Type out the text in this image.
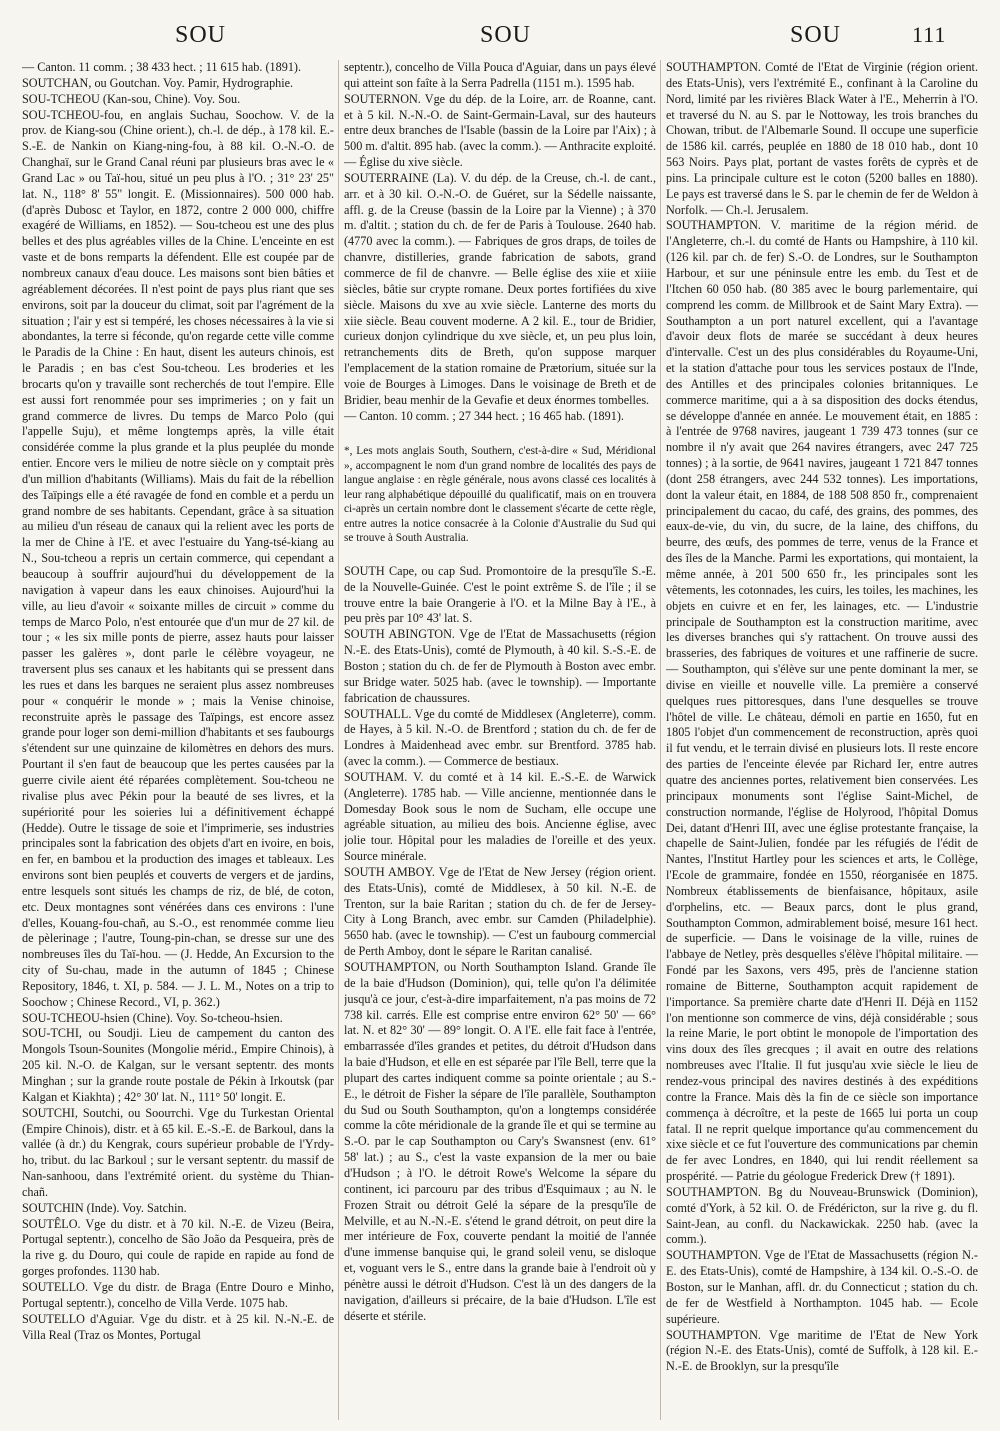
SOU	SOU	SOU	111

— Canton. 11 comm. ; 38 433 hect. ; 11 615 hab. (1891).

SOUTCHAN, ou Goutchan. Voy. Pamir, Hydrographie.

SOU-TCHEOU (Kan-sou, Chine). Voy. Sou.

SOU-TCHEOU-fou, en anglais Suchau, Soochow. V. de la prov. de Kiang-sou (Chine orient.), ch.-l. de dép., à 178 kil. E.-S.-E. de Nankin on Kiang-ning-fou, à 88 kil. O.-N.-O. de Changhaï, sur le Grand Canal réuni par plusieurs bras avec le « Grand Lac » ou Taï-hou, situé un peu plus à l'O. ; 31° 23' 25" lat. N., 118° 8' 55" longit. E. (Missionnaires). 500 000 hab. (d'après Dubosc et Taylor, en 1872, contre 2 000 000, chiffre exagéré de Williams, en 1852). — Sou-tcheou est une des plus belles et des plus agréables villes de la Chine. L'enceinte en est vaste et de bons remparts la défendent. Elle est coupée par de nombreux canaux d'eau douce. Les maisons sont bien bâties et agréablement décorées. Il n'est point de pays plus riant que ses environs, soit par la douceur du climat, soit par l'agrément de la situation ; l'air y est si tempéré, les choses nécessaires à la vie si abondantes, la terre si féconde, qu'on regarde cette ville comme le Paradis de la Chine : En haut, disent les auteurs chinois, est le Paradis ; en bas c'est Sou-tcheou. Les broderies et les brocarts qu'on y travaille sont recherchés de tout l'empire. Elle est aussi fort renommée pour ses imprimeries ; on y fait un grand commerce de livres. Du temps de Marco Polo (qui l'appelle Suju), et même longtemps après, la ville était considérée comme la plus grande et la plus peuplée du monde entier. Encore vers le milieu de notre siècle on y comptait près d'un million d'habitants (Williams). Mais du fait de la rébellion des Taïpings elle a été ravagée de fond en comble et a perdu un grand nombre de ses habitants. Cependant, grâce à sa situation au milieu d'un réseau de canaux qui la relient avec les ports de la mer de Chine à l'E. et avec l'estuaire du Yang-tsé-kiang au N., Sou-tcheou a repris un certain commerce, qui cependant a beaucoup à souffrir aujourd'hui du développement de la navigation à vapeur dans les eaux chinoises. Aujourd'hui la ville, au lieu d'avoir « soixante milles de circuit » comme du temps de Marco Polo, n'est entourée que d'un mur de 27 kil. de tour ; « les six mille ponts de pierre, assez hauts pour laisser passer les galères », dont parle le célèbre voyageur, ne traversent plus ses canaux et les habitants qui se pressent dans les rues et dans les barques ne seraient plus assez nombreuses pour « conquérir le monde » ; mais la Venise chinoise, reconstruite après le passage des Taïpings, est encore assez grande pour loger son demi-million d'habitants et ses faubourgs s'étendent sur une quinzaine de kilomètres en dehors des murs. Pourtant il s'en faut de beaucoup que les pertes causées par la guerre civile aient été réparées complètement. Sou-tcheou ne rivalise plus avec Pékin pour la beauté de ses livres, et la supériorité pour les soieries lui a définitivement échappé (Hedde). Outre le tissage de soie et l'imprimerie, ses industries principales sont la fabrication des objets d'art en ivoire, en bois, en fer, en bambou et la production des images et tableaux. Les environs sont bien peuplés et couverts de vergers et de jardins, entre lesquels sont situés les champs de riz, de blé, de coton, etc. Deux montagnes sont vénérées dans ces environs : l'une d'elles, Kouang-fou-chañ, au S.-O., est renommée comme lieu de pèlerinage ; l'autre, Toung-pin-chan, se dresse sur une des nombreuses îles du Taï-hou. — (J. Hedde, An Excursion to the city of Su-chau, made in the autumn of 1845 ; Chinese Repository, 1846, t. XI, p. 584. — J. L. M., Notes on a trip to Soochow ; Chinese Record., VI, p. 362.)

SOU-TCHEOU-hsien (Chine). Voy. So-tcheou-hsien.

SOU-TCHI, ou Soudji. Lieu de campement du canton des Mongols Tsoun-Sounites (Mongolie mérid., Empire Chinois), à 205 kil. N.-O. de Kalgan, sur le versant septentr. des monts Minghan ; sur la grande route postale de Pékin à Irkoutsk (par Kalgan et Kiakhta) ; 42° 30' lat. N., 111° 50' longit. E.

SOUTCHI, Soutchi, ou Soouтchi. Vge du Turkestan Oriental (Empire Chinois), distr. et à 65 kil. E.-S.-E. de Barkoul, dans la vallée (à dr.) du Kengrak, cours supérieur probable de l'Yrdy-ho, tribut. du lac Barkoul ; sur le versant septentr. du massif de Nan-sanhoou, dans l'extrémité orient. du système du Thian-chañ.

SOUTCHIN (Inde). Voy. Satchin.

SOUTÊLO. Vge du distr. et à 70 kil. N.-E. de Vizeu (Beira, Portugal septentr.), concelho de São João da Pesqueira, près de la rive g. du Douro, qui coule de rapide en rapide au fond de gorges profondes. 1130 hab.

SOUTELLO. Vge du distr. de Braga (Entre Douro e Minho, Portugal septentr.), concelho de Villa Verde. 1075 hab.

SOUTELLO d'Aguiar. Vge du distr. et à 25 kil. N.-N.-E. de Villa Real (Traz os Montes, Portugal

septentr.), concelho de Villa Pouca d'Aguiar, dans un pays élevé qui atteint son faîte à la Serra Padrella (1151 m.). 1595 hab.

SOUTERNON. Vge du dép. de la Loire, arr. de Roanne, cant. et à 5 kil. N.-N.-O. de Saint-Germain-Laval, sur des hauteurs entre deux branches de l'Isable (bassin de la Loire par l'Aix) ; à 500 m. d'altit. 895 hab. (avec la comm.). — Anthracite exploité. — Église du xive siècle.

SOUTERRAINE (La). V. du dép. de la Creuse, ch.-l. de cant., arr. et à 30 kil. O.-N.-O. de Guéret, sur la Sédelle naissante, affl. g. de la Creuse (bassin de la Loire par la Vienne) ; à 370 m. d'altit. ; station du ch. de fer de Paris à Toulouse. 2640 hab. (4770 avec la comm.). — Fabriques de gros draps, de toiles de chanvre, distilleries, grande fabrication de sabots, grand commerce de fil de chanvre. — Belle église des xiie et xiiie siècles, bâtie sur crypte romane. Deux portes fortifiées du xive siècle. Maisons du xve au xvie siècle. Lanterne des morts du xiie siècle. Beau couvent moderne. A 2 kil. E., tour de Bridier, curieux donjon cylindrique du xve siècle, et, un peu plus loin, retranchements dits de Breth, qu'on suppose marquer l'emplacement de la station romaine de Prætorium, située sur la voie de Bourges à Limoges. Dans le voisinage de Breth et de Bridier, beau menhir de la Gevafie et deux énormes tombelles.

— Canton. 10 comm. ; 27 344 hect. ; 16 465 hab. (1891).

*, Les mots anglais South, Southern, c'est-à-dire « Sud, Méridional », accompagnent le nom d'un grand nombre de localités des pays de langue anglaise : en règle générale, nous avons classé ces localités à leur rang alphabétique dépouillé du qualificatif, mais on en trouvera ci-après un certain nombre dont le classement s'écarte de cette règle, entre autres la notice consacrée à la Colonie d'Australie du Sud qui se trouve à South Australia.

SOUTH Cape, ou cap Sud. Promontoire de la presqu'île S.-E. de la Nouvelle-Guinée. C'est le point extrême S. de l'île ; il se trouve entre la baie Orangerie à l'O. et la Milne Bay à l'E., à peu près par 10° 43' lat. S.

SOUTH ABINGTON. Vge de l'Etat de Massachusetts (région N.-E. des Etats-Unis), comté de Plymouth, à 40 kil. S.-S.-E. de Boston ; station du ch. de fer de Plymouth à Boston avec embr. sur Bridge water. 5025 hab. (avec le township). — Importante fabrication de chaussures.

SOUTHALL. Vge du comté de Middlesex (Angleterre), comm. de Hayes, à 5 kil. N.-O. de Brentford ; station du ch. de fer de Londres à Maidenhead avec embr. sur Brentford. 3785 hab. (avec la comm.). — Commerce de bestiaux.

SOUTHAM. V. du comté et à 14 kil. E.-S.-E. de Warwick (Angleterre). 1785 hab. — Ville ancienne, mentionnée dans le Domesday Book sous le nom de Sucham, elle occupe une agréable situation, au milieu des bois. Ancienne église, avec jolie tour. Hôpital pour les maladies de l'oreille et des yeux. Source minérale.

SOUTH AMBOY. Vge de l'Etat de New Jersey (région orient. des Etats-Unis), comté de Middlesex, à 50 kil. N.-E. de Trenton, sur la baie Raritan ; station du ch. de fer de Jersey-City à Long Branch, avec embr. sur Camden (Philadelphie). 5650 hab. (avec le township). — C'est un faubourg commercial de Perth Amboy, dont le sépare le Raritan canalisé.

SOUTHAMPTON, ou North Southampton Island. Grande île de la baie d'Hudson (Dominion), qui, telle qu'on l'a délimitée jusqu'à ce jour, c'est-à-dire imparfaitement, n'a pas moins de 72 738 kil. carrés. Elle est comprise entre environ 62° 50' — 66° lat. N. et 82° 30' — 89° longit. O. A l'E. elle fait face à l'entrée, embarrassée d'îles grandes et petites, du détroit d'Hudson dans la baie d'Hudson, et elle en est séparée par l'île Bell, terre que la plupart des cartes indiquent comme sa pointe orientale ; au S.-E., le détroit de Fisher la sépare de l'île parallèle, Southampton du Sud ou South Southampton, qu'on a longtemps considérée comme la côte méridionale de la grande île et qui se termine au S.-O. par le cap Southampton ou Cary's Swansnest (env. 61° 58' lat.) ; au S., c'est la vaste expansion de la mer ou baie d'Hudson ; à l'O. le détroit Rowe's Welcome la sépare du continent, ici parcouru par des tribus d'Esquimaux ; au N. le Frozen Strait ou détroit Gelé la sépare de la presqu'île de Melville, et au N.-N.-E. s'étend le grand détroit, on peut dire la mer intérieure de Fox, couverte pendant la moitié de l'année d'une immense banquise qui, le grand soleil venu, se disloque et, voguant vers le S., entre dans la grande baie à l'endroit où y pénètre aussi le détroit d'Hudson. C'est là un des dangers de la navigation, d'ailleurs si précaire, de la baie d'Hudson. L'île est déserte et stérile.

SOUTHAMPTON. Comté de l'Etat de Virginie (région orient. des Etats-Unis), vers l'extrémité E., confinant à la Caroline du Nord, limité par les rivières Black Water à l'E., Meherrin à l'O. et traversé du N. au S. par le Nottoway, les trois branches du Chowan, tribut. de l'Albemarle Sound. Il occupe une superficie de 1586 kil. carrés, peuplée en 1880 de 18 010 hab., dont 10 563 Noirs. Pays plat, portant de vastes forêts de cyprès et de pins. La principale culture est le coton (5200 balles en 1880). Le pays est traversé dans le S. par le chemin de fer de Weldon à Norfolk. — Ch.-l. Jerusalem.

SOUTHAMPTON. V. maritime de la région mérid. de l'Angleterre, ch.-l. du comté de Hants ou Hampshire, à 110 kil. (126 kil. par ch. de fer) S.-O. de Londres, sur le Southampton Harbour, et sur une péninsule entre les emb. du Test et de l'Itchen 60 050 hab. (80 385 avec le bourg parlementaire, qui comprend les comm. de Millbrook et de Saint Mary Extra). — Southampton a un port naturel excellent, qui a l'avantage d'avoir deux flots de marée se succédant à deux heures d'intervalle. C'est un des plus considérables du Royaume-Uni, et la station d'attache pour tous les services postaux de l'Inde, des Antilles et des principales colonies britanniques. Le commerce maritime, qui a à sa disposition des docks étendus, se développe d'année en année. Le mouvement était, en 1885 : à l'entrée de 9768 navires, jaugeant 1 739 473 tonnes (sur ce nombre il n'y avait que 264 navires étrangers, avec 247 725 tonnes) ; à la sortie, de 9641 navires, jaugeant 1 721 847 tonnes (dont 258 étrangers, avec 244 532 tonnes). Les importations, dont la valeur était, en 1884, de 188 508 850 fr., comprenaient principalement du cacao, du café, des grains, des pommes, des eaux-de-vie, du vin, du sucre, de la laine, des chiffons, du beurre, des œufs, des pommes de terre, venus de la France et des îles de la Manche. Parmi les exportations, qui montaient, la même année, à 201 500 650 fr., les principales sont les vêtements, les cotonnades, les cuirs, les toiles, les machines, les objets en cuivre et en fer, les lainages, etc. — L'industrie principale de Southampton est la construction maritime, avec les diverses branches qui s'y rattachent. On trouve aussi des brasseries, des fabriques de voitures et une raffinerie de sucre. — Southampton, qui s'élève sur une pente dominant la mer, se divise en vieille et nouvelle ville. La première a conservé quelques rues pittoresques, dans l'une desquelles se trouve l'hôtel de ville. Le château, démoli en partie en 1650, fut en 1805 l'objet d'un commencement de reconstruction, après quoi il fut vendu, et le terrain divisé en plusieurs lots. Il reste encore des parties de l'enceinte élevée par Richard Ier, entre autres quatre des anciennes portes, relativement bien conservées. Les principaux monuments sont l'église Saint-Michel, de construction normande, l'église de Holyrood, l'hôpital Domus Dei, datant d'Henri III, avec une église protestante française, la chapelle de Saint-Julien, fondée par les réfugiés de l'édit de Nantes, l'Institut Hartley pour les sciences et arts, le Collège, l'Ecole de grammaire, fondée en 1550, réorganisée en 1875. Nombreux établissements de bienfaisance, hôpitaux, asile d'orphelins, etc. — Beaux parcs, dont le plus grand, Southampton Common, admirablement boisé, mesure 161 hect. de superficie. — Dans le voisinage de la ville, ruines de l'abbaye de Netley, près desquelles s'élève l'hôpital militaire. — Fondé par les Saxons, vers 495, près de l'ancienne station romaine de Bitterne, Southampton acquit rapidement de l'importance. Sa première charte date d'Henri II. Déjà en 1152 l'on mentionne son commerce de vins, déjà considérable ; sous la reine Marie, le port obtint le monopole de l'importation des vins doux des îles grecques ; il avait en outre des relations nombreuses avec l'Italie. Il fut jusqu'au xvie siècle le lieu de rendez-vous principal des navires destinés à des expéditions contre la France. Mais dès la fin de ce siècle son importance commença à décroître, et la peste de 1665 lui porta un coup fatal. Il ne reprit quelque importance qu'au commencement du xixe siècle et ce fut l'ouverture des communications par chemin de fer avec Londres, en 1840, qui lui rendit réellement sa prospérité. — Patrie du géologue Frederick Drew († 1891).

SOUTHAMPTON. Bg du Nouveau-Brunswick (Dominion), comté d'York, à 52 kil. O. de Frédéricton, sur la rive g. du fl. Saint-Jean, au confl. du Nackawickak. 2250 hab. (avec la comm.).

SOUTHAMPTON. Vge de l'Etat de Massachusetts (région N.-E. des Etats-Unis), comté de Hampshire, à 134 kil. O.-S.-O. de Boston, sur le Manhan, affl. dr. du Connecticut ; station du ch. de fer de Westfield à Northampton. 1045 hab. — Ecole supérieure.

SOUTHAMPTON. Vge maritime de l'Etat de New York (région N.-E. des Etats-Unis), comté de Suffolk, à 128 kil. E.-N.-E. de Brooklyn, sur la presqu'île
